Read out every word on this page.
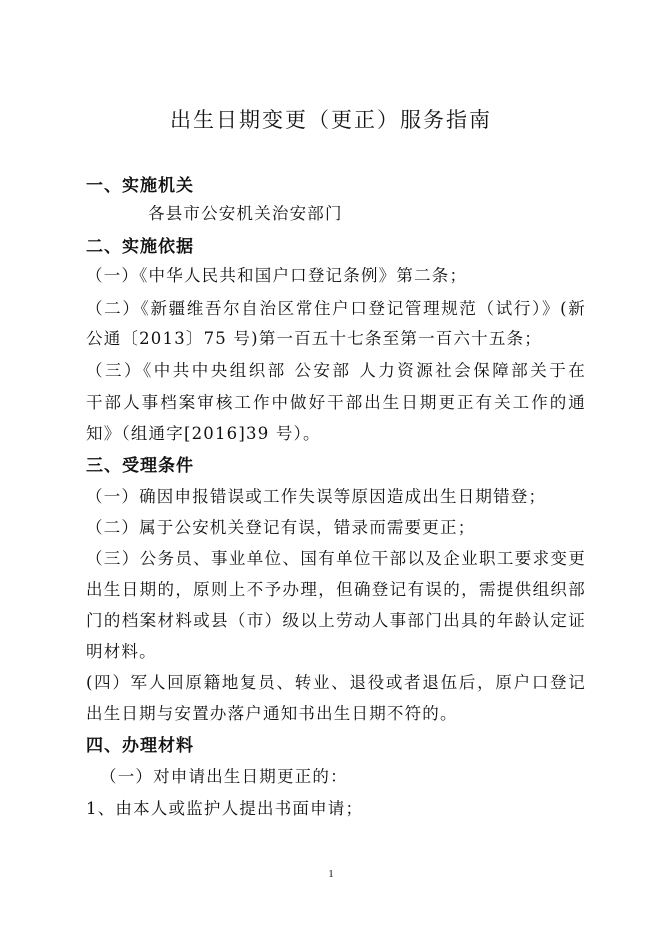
出生日期变更（更正）服务指南
一、实施机关
各县市公安机关治安部门
二、实施依据
（一）《中华人民共和国户口登记条例》第二条；
（二）《新疆维吾尔自治区常住户口登记管理规范（试行）》(新
公通〔2013〕75 号)第一百五十七条至第一百六十五条；
（三）《中共中央组织部 公安部 人力资源社会保障部关于在
干部人事档案审核工作中做好干部出生日期更正有关工作的通
知》（组通字[2016]39 号）。
三、受理条件
（一）确因申报错误或工作失误等原因造成出生日期错登；
（二）属于公安机关登记有误，错录而需要更正；
（三）公务员、事业单位、国有单位干部以及企业职工要求变更
出生日期的，原则上不予办理，但确登记有误的，需提供组织部
门的档案材料或县（市）级以上劳动人事部门出具的年龄认定证
明材料。
(四）军人回原籍地复员、转业、退役或者退伍后，原户口登记
出生日期与安置办落户通知书出生日期不符的。
四、办理材料
（一）对申请出生日期更正的：
1、由本人或监护人提出书面申请；
1
